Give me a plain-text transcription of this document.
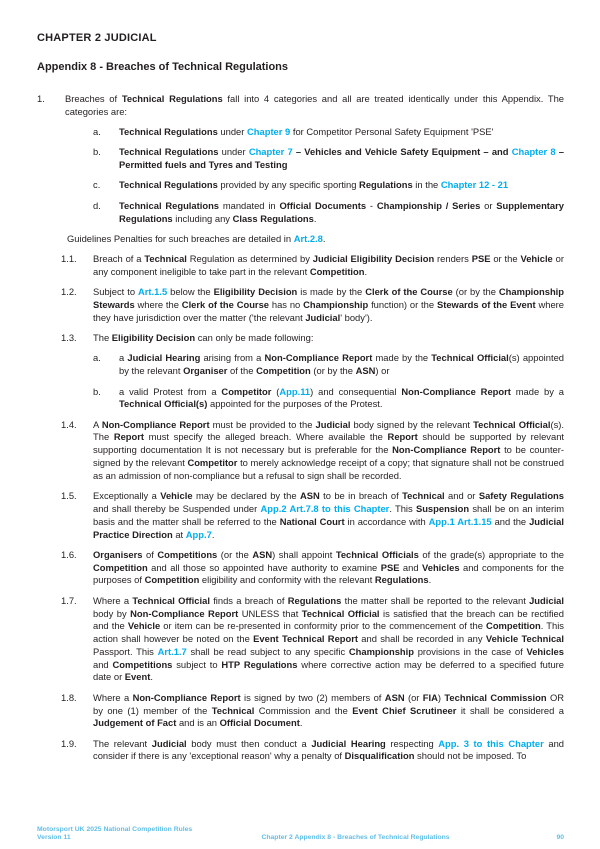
CHAPTER 2 JUDICIAL
Appendix 8 - Breaches of Technical Regulations
1.	Breaches of Technical Regulations fall into 4 categories and all are treated identically under this Appendix. The categories are:
a.	Technical Regulations under Chapter 9 for Competitor Personal Safety Equipment 'PSE'
b.	Technical Regulations under Chapter 7 – Vehicles and Vehicle Safety Equipment – and Chapter 8 – Permitted fuels and Tyres and Testing
c.	Technical Regulations provided by any specific sporting Regulations in the Chapter 12 - 21
d.	Technical Regulations mandated in Official Documents - Championship / Series or Supplementary Regulations including any Class Regulations.
Guidelines Penalties for such breaches are detailed in Art.2.8.
1.1.	Breach of a Technical Regulation as determined by Judicial Eligibility Decision renders PSE or the Vehicle or any component ineligible to take part in the relevant Competition.
1.2.	Subject to Art.1.5 below the Eligibility Decision is made by the Clerk of the Course (or by the Championship Stewards where the Clerk of the Course has no Championship function) or the Stewards of the Event where they have jurisdiction over the matter ('the relevant Judicial' body').
1.3.	The Eligibility Decision can only be made following:
a.	a Judicial Hearing arising from a Non-Compliance Report made by the Technical Official(s) appointed by the relevant Organiser of the Competition (or by the ASN) or
b.	a valid Protest from a Competitor (App.11) and consequential Non-Compliance Report made by a Technical Official(s) appointed for the purposes of the Protest.
1.4.	A Non-Compliance Report must be provided to the Judicial body signed by the relevant Technical Official(s). The Report must specify the alleged breach. Where available the Report should be supported by relevant supporting documentation It is not necessary but is preferable for the Non-Compliance Report to be counter-signed by the relevant Competitor to merely acknowledge receipt of a copy; that signature shall not be construed as an admission of non-compliance but a refusal to sign shall be recorded.
1.5.	Exceptionally a Vehicle may be declared by the ASN to be in breach of Technical and or Safety Regulations and shall thereby be Suspended under App.2 Art.7.8 to this Chapter. This Suspension shall be on an interim basis and the matter shall be referred to the National Court in accordance with App.1 Art.1.15 and the Judicial Practice Direction at App.7.
1.6.	Organisers of Competitions (or the ASN) shall appoint Technical Officials of the grade(s) appropriate to the Competition and all those so appointed have authority to examine PSE and Vehicles and components for the purposes of Competition eligibility and conformity with the relevant Regulations.
1.7.	Where a Technical Official finds a breach of Regulations the matter shall be reported to the relevant Judicial body by Non-Compliance Report UNLESS that Technical Official is satisfied that the breach can be rectified and the Vehicle or item can be re-presented in conformity prior to the commencement of the Competition. This action shall however be noted on the Event Technical Report and shall be recorded in any Vehicle Technical Passport. This Art.1.7 shall be read subject to any specific Championship provisions in the case of Vehicles and Competitions subject to HTP Regulations where corrective action may be deferred to a specified future date or Event.
1.8.	Where a Non-Compliance Report is signed by two (2) members of ASN (or FIA) Technical Commission OR by one (1) member of the Technical Commission and the Event Chief Scrutineer it shall be considered a Judgement of Fact and is an Official Document.
1.9.	The relevant Judicial body must then conduct a Judicial Hearing respecting App. 3 to this Chapter and consider if there is any 'exceptional reason' why a penalty of Disqualification should not be imposed. To
Motorsport UK 2025 National Competition Rules
Version 11	Chapter 2 Appendix 8 - Breaches of Technical Regulations	90
